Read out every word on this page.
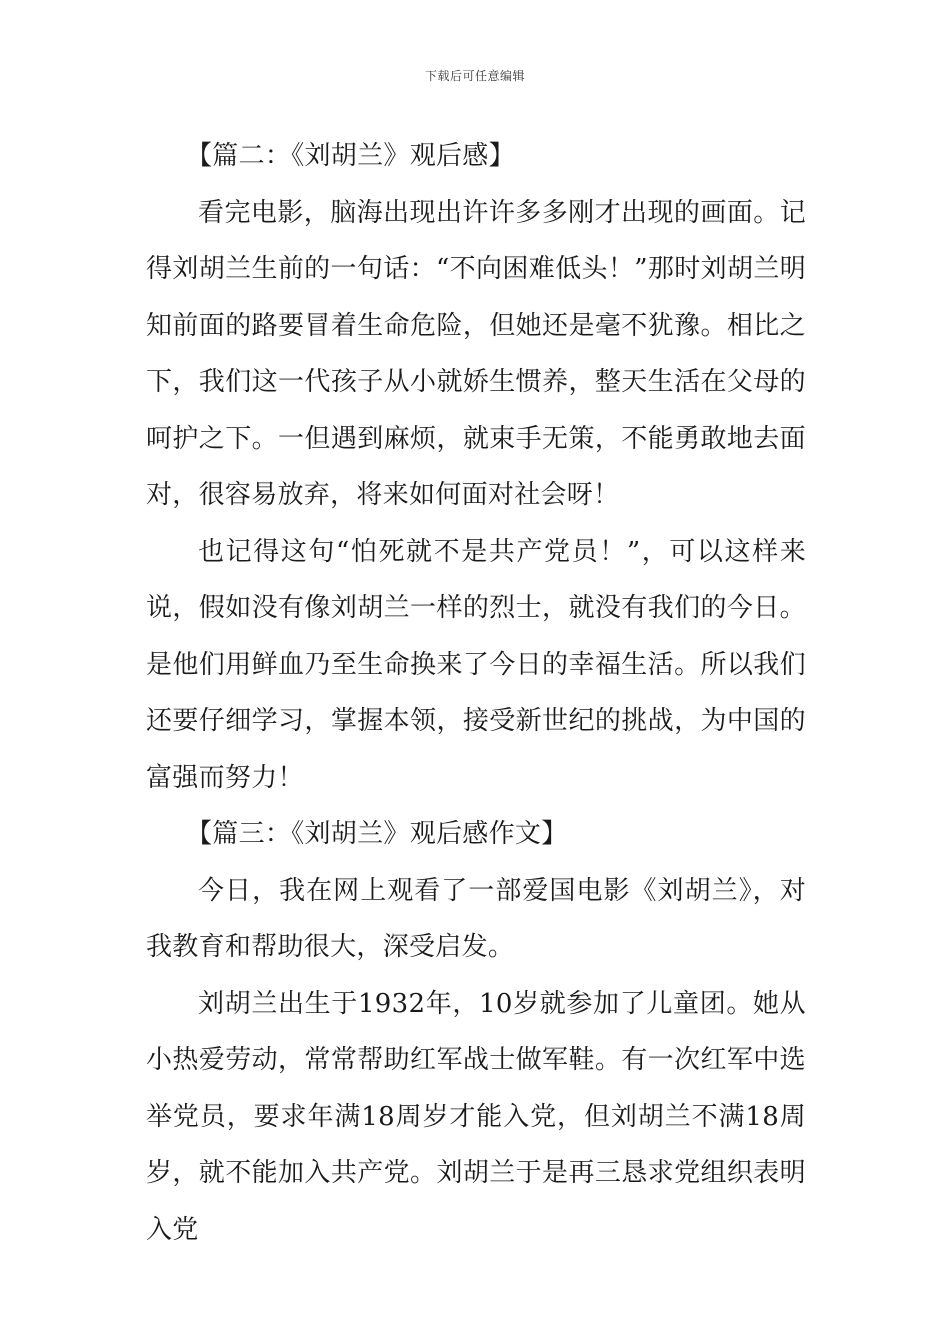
下载后可任意编辑

【篇二：《刘胡兰》观后感】

看完电影，脑海出现出许许多多刚才出现的画面。记得刘胡兰生前的一句话：“不向困难低头！”那时刘胡兰明知前面的路要冒着生命危险，但她还是毫不犹豫。相比之下，我们这一代孩子从小就娇生惯养，整天生活在父母的呵护之下。一但遇到麻烦，就束手无策，不能勇敢地去面对，很容易放弃，将来如何面对社会呀！

也记得这句“怕死就不是共产党员！”，可以这样来说，假如没有像刘胡兰一样的烈士，就没有我们的今日。是他们用鲜血乃至生命换来了今日的幸福生活。所以我们还要仔细学习，掌握本领，接受新世纪的挑战，为中国的富强而努力！

【篇三：《刘胡兰》观后感作文】

今日，我在网上观看了一部爱国电影《刘胡兰》，对我教育和帮助很大，深受启发。

刘胡兰出生于1932年，10岁就参加了儿童团。她从小热爱劳动，常常帮助红军战士做军鞋。有一次红军中选举党员，要求年满18周岁才能入党，但刘胡兰不满18周岁，就不能加入共产党。刘胡兰于是再三恳求党组织表明入党
